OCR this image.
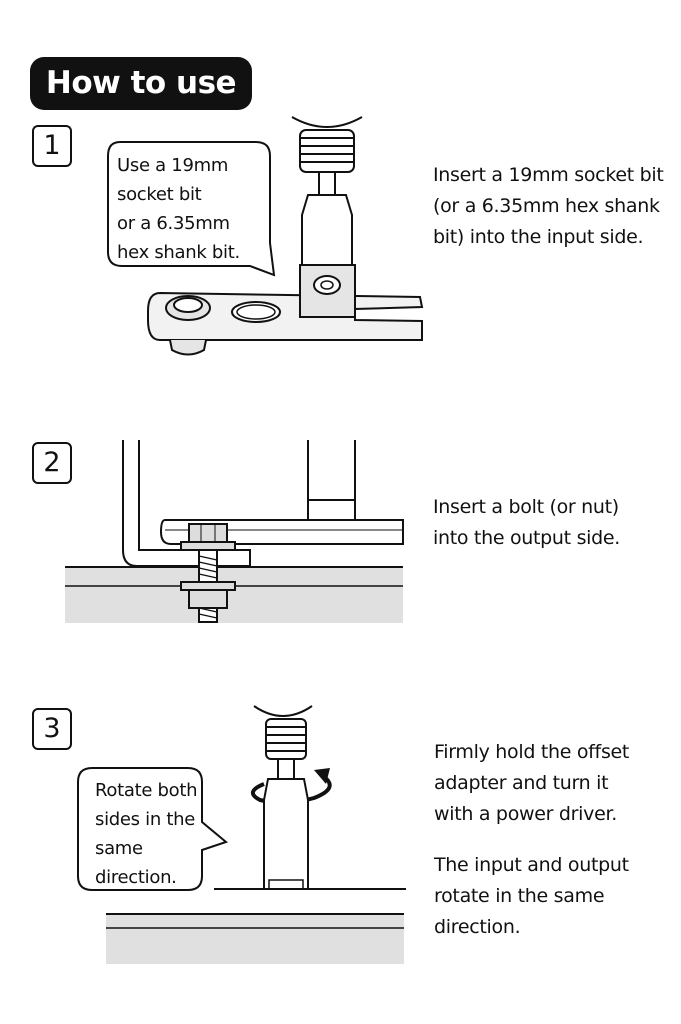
How to use
1
Use a 19mm
socket bit
or a 6.35mm
hex shank bit.

Insert a 19mm socket bit

(or a 6.35mm hex shank

bit) into the input side.

2

Insert a bolt (or nut)

into the output side.

3
Rotate both
sides in the
same
direction.

Firmly hold the offset

adapter and turn it

with a power driver.

The input and output

rotate in the same

direction.
